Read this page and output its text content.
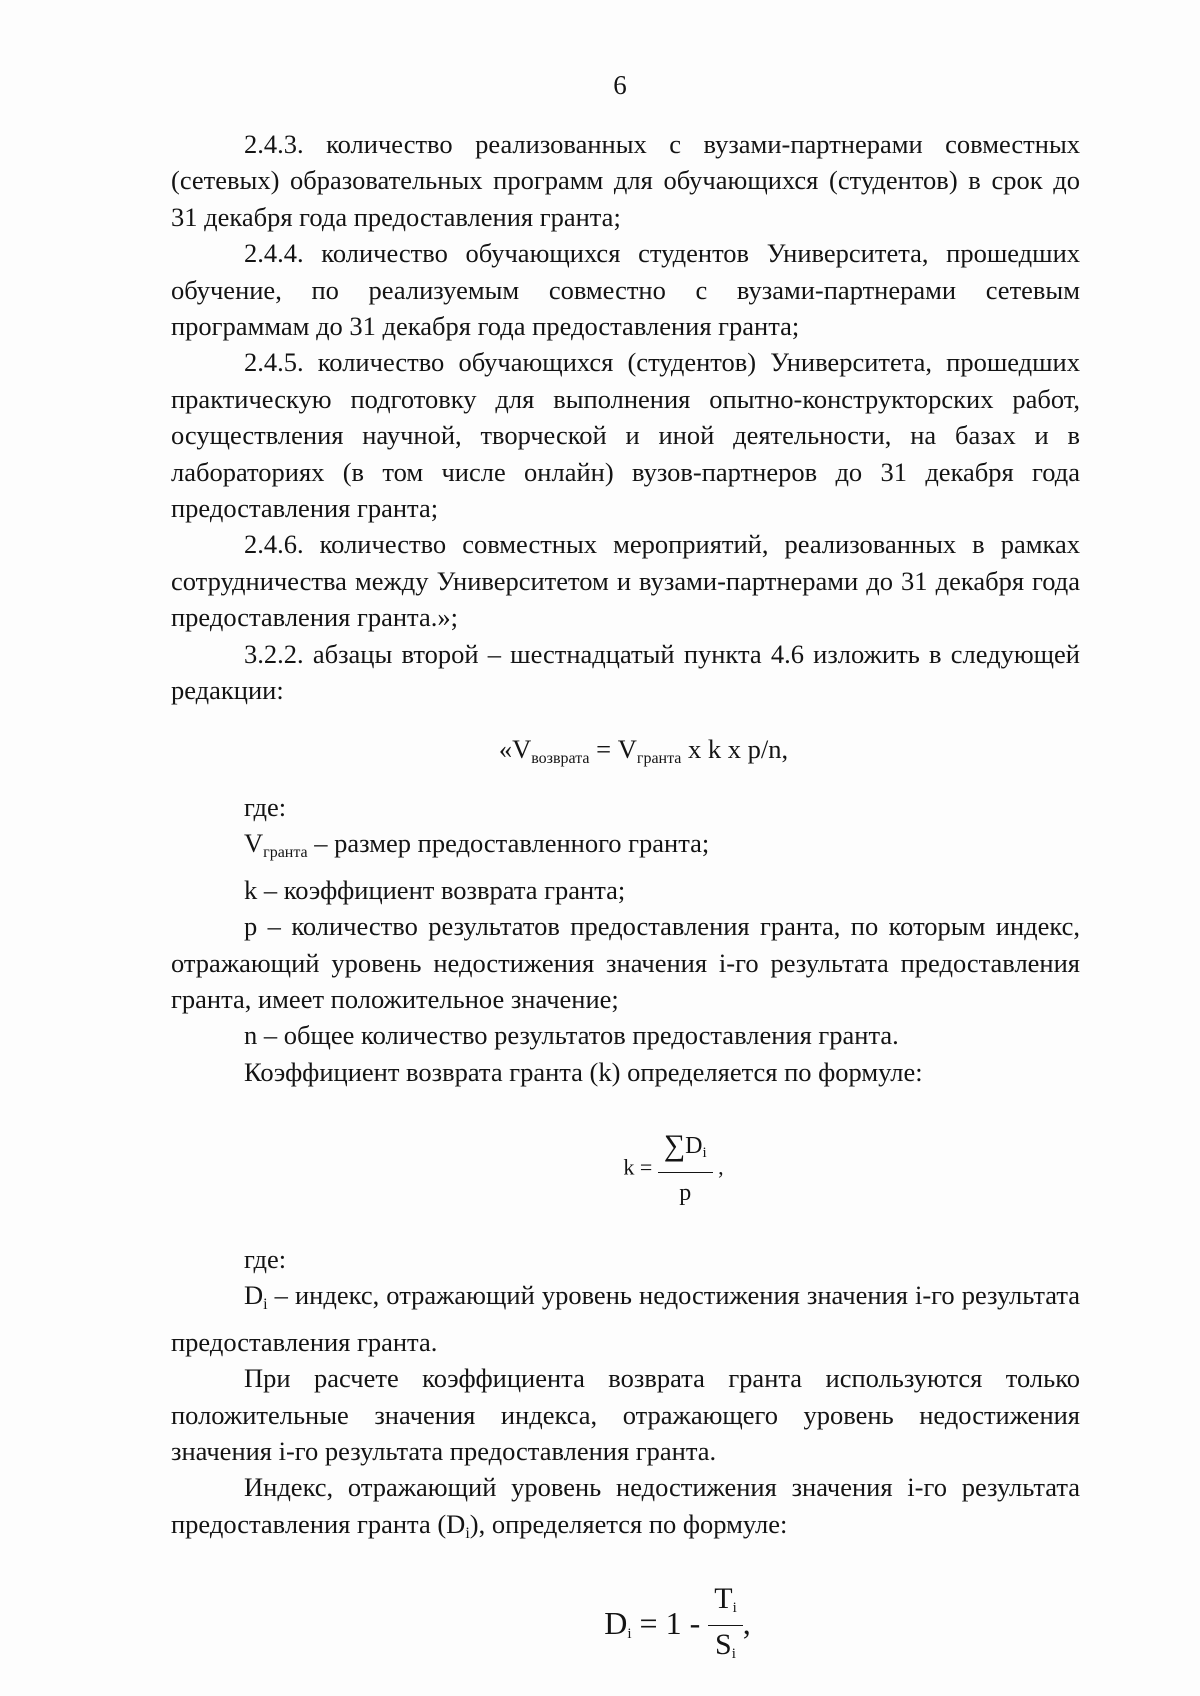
6

2.4.3. количество реализованных с вузами-партнерами совместных (сетевых) образовательных программ для обучающихся (студентов) в срок до 31 декабря года предоставления гранта;

2.4.4. количество обучающихся студентов Университета, прошедших обучение, по реализуемым совместно с вузами-партнерами сетевым программам до 31 декабря года предоставления гранта;

2.4.5. количество обучающихся (студентов) Университета, прошедших практическую подготовку для выполнения опытно-конструкторских работ, осуществления научной, творческой и иной деятельности, на базах и в лабораториях (в том числе онлайн) вузов-партнеров до 31 декабря года предоставления гранта;

2.4.6. количество совместных мероприятий, реализованных в рамках сотрудничества между Университетом и вузами-партнерами до 31 декабря года предоставления гранта.»;

3.2.2. абзацы второй – шестнадцатый пункта 4.6 изложить в следующей редакции:

«$V_{возврата} = V_{гранта}$ x k x p/n,

где:

$V_{гранта}$ – размер предоставленного гранта;

k – коэффициент возврата гранта;

p – количество результатов предоставления гранта, по которым индекс, отражающий уровень недостижения значения i-го результата предоставления гранта, имеет положительное значение;

n – общее количество результатов предоставления гранта.

Коэффициент возврата гранта (k) определяется по формуле:

$k = \frac{\sum Di}{p}$ ,

где:

$D_i$ – индекс, отражающий уровень недостижения значения i-го результата предоставления гранта.

При расчете коэффициента возврата гранта используются только положительные значения индекса, отражающего уровень недостижения значения i-го результата предоставления гранта.

Индекс, отражающий уровень недостижения значения i-го результата предоставления гранта $(D_i)$, определяется по формуле:

$Di = 1 - \frac{Ti}{Si}$ ,
